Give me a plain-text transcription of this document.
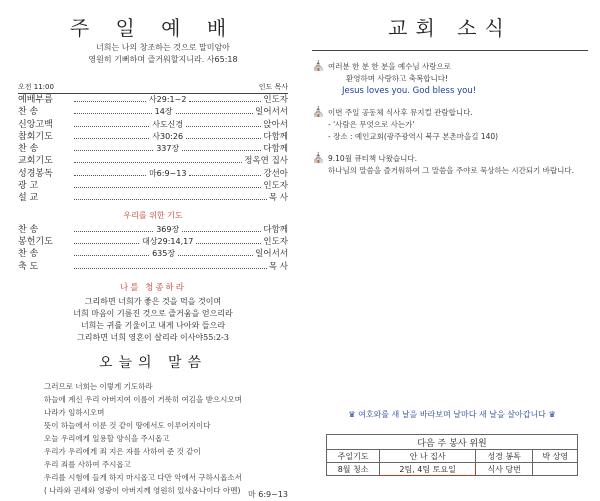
주 일 예 배
너희는 나의 창조하는 것으로 말미암아
영원히 기뻐하며 즐거워할지니라. 사65:18
오전 11:00	인도 목사
예배부름	사29:1~2	인도자
찬 송	14장	일어서서
신앙고백	사도신경	앉아서
참회기도	사30:26	다함께
찬 송	337장	다함께
교회기도	정옥연 집사
성경봉독	마6:9~13	강선아
광 고	인도자
설 교	목 사
우리를 위한 기도
찬 송	369장	다함께
봉헌기도	대상29:14,17	인도자
찬 송	635장	일어서서
축 도	목 사
나를 청종하라
그리하면 너희가 좋은 것을 먹을 것이며
너희 마음이 기름진 것으로 즐거움을 얻으리라
너희는 귀를 기울이고 내게 나아와 들으라
그리하면 너희 영혼이 살리라 이사야55:2-3
오늘의 말씀
그러므로 너희는 이렇게 기도하라
하늘에 계신 우리 아버지여 이름이 거룩히 여김을 받으시오며
나라가 임하시오며
뜻이 하늘에서 이룬 것 같이 땅에서도 이루어지이다
오늘 우리에게 일용할 양식을 주시옵고
우리가 우리에게 죄 지은 자를 사하여 준 것 같이
우리 죄를 사하여 주시옵고
우리를 시험에 들게 하지 마시옵고 다만 악에서 구하시옵소서
( 나라와 권세와 영광이 아버지께 영원히 있사옵나이다 아멘) 마 6:9~13
교회 소식
⛪ 여러분 한 분 한 분을 예수님 사랑으로

환영하며 사랑하고 축복합니다!

Jesus loves you. God bless you!

⛪ 이번 주일 공동체 식사후 뮤지컬 관람합니다.

- '사람은 무엇으로 사는가'

- 장소 : 예인교회(광주광역시 북구 본촌마을길 140)

⛪ 9.10월 큐티책 나왔습니다.

하나님의 말씀을 즐거워하여 그 말씀을 주야로 묵상하는 시간되기 바랍니다.

♛ 여호와를 새 날을 바라보며 날마다 새 날을 살아갑니다 ♛
다음 주 봉사 위원			
주일기도	안 나 집사	성경 봉독	박 상영
8월 청소	2팀, 4팀 토요일	식사 당번	
